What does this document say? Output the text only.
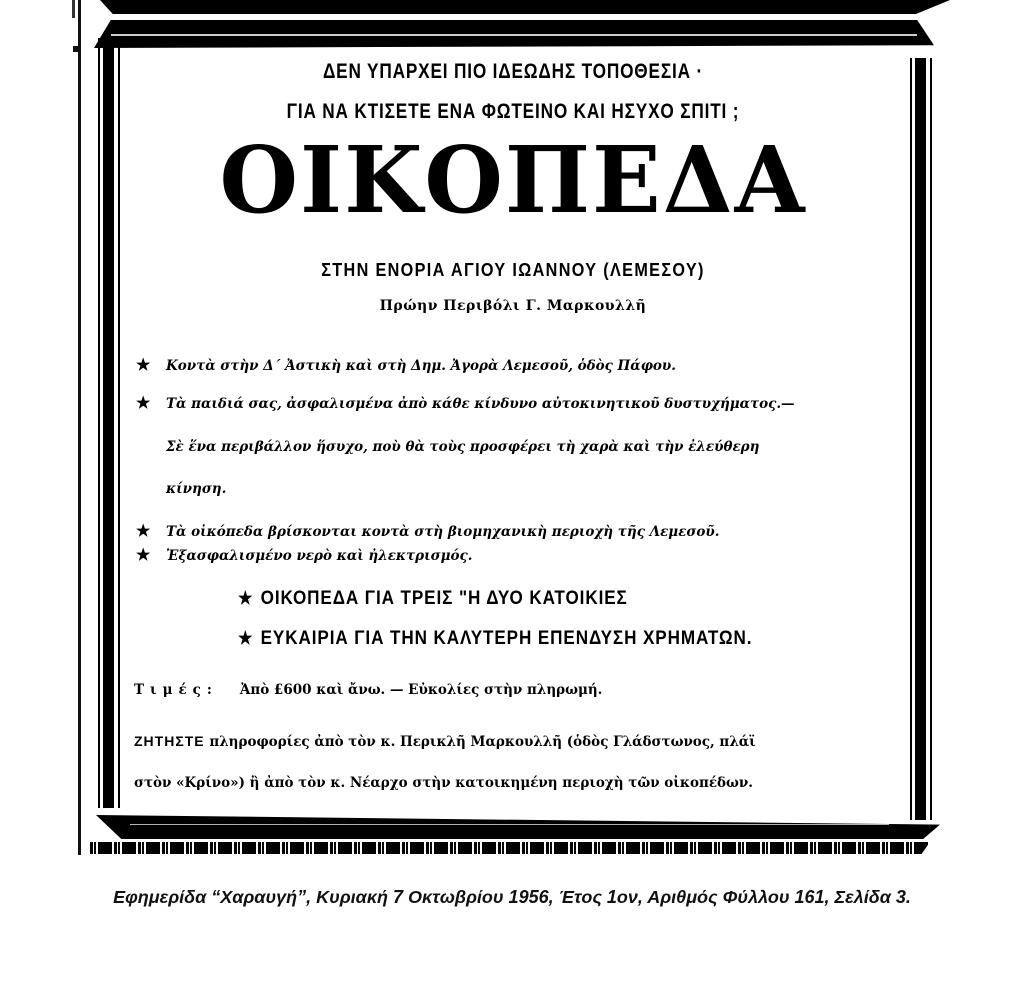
ΔΕΝ ΥΠΑΡΧΕΙ ΠΙΟ ΙΔΕΩΔΗΣ ΤΟΠΟΘΕΣΙΑ ·
ΓΙΑ ΝΑ ΚΤΙΣΕΤΕ ΕΝΑ ΦΩΤΕΙΝΟ ΚΑΙ ΗΣΥΧΟ ΣΠΙΤΙ ;
ΟΙΚΟΠΕΔΑ
ΣΤΗΝ ΕΝΟΡΙΑ ΑΓΙΟΥ ΙΩΑΝΝΟΥ (ΛΕΜΕΣΟΥ)
Πρώην Περιβόλι Γ. Μαρκουλλῆ
★ Κοντὰ στὴν Δ΄ Ἀστικὴ καὶ στὴ Δημ. Ἀγορὰ Λεμεσοῦ, ὁδὸς Πάφου.
★ Τὰ παιδιά σας, ἀσφαλισμένα ἀπὸ κάθε κίνδυνο αὐτοκινητικοῦ δυστυχήματος.—
Σὲ ἕνα περιβάλλον ἥσυχο, ποὺ θὰ τοὺς προσφέρει τὴ χαρὰ καὶ τὴν ἐλεύθερη
κίνηση.
★ Τὰ οἰκόπεδα βρίσκονται κοντὰ στὴ βιομηχανικὴ περιοχὴ τῆς Λεμεσοῦ.
★ Ἐξασφαλισμένο νερὸ καὶ ἠλεκτρισμός.
★ ΟΙΚΟΠΕΔΑ ΓΙΑ ΤΡΕΙΣ "Η ΔΥΟ ΚΑΤΟΙΚΙΕΣ
★ ΕΥΚΑΙΡΙΑ ΓΙΑ ΤΗΝ ΚΑΛΥΤΕΡΗ ΕΠΕΝΔΥΣΗ ΧΡΗΜΑΤΩΝ.
Τιμές: Ἀπὸ £600 καὶ ἄνω. — Εὐκολίες στὴν πληρωμή.
ΖΗΤΗΣΤΕ πληροφορίες ἀπὸ τὸν κ. Περικλῆ Μαρκουλλῆ (ὁδὸς Γλάδστωνος, πλάϊ
στὸν «Κρίνο») ἢ ἀπὸ τὸν κ. Νέαρχο στὴν κατοικημένη περιοχὴ τῶν οἰκοπέδων.
Εφημερίδα “Χαραυγή”, Κυριακή 7 Οκτωβρίου 1956, Έτος 1ον, Αριθμός Φύλλου 161, Σελίδα 3.
